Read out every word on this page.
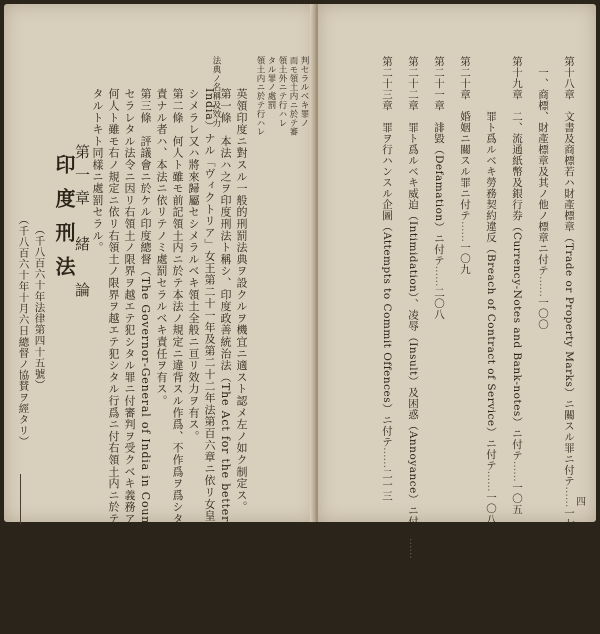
法典ノ名稱及效力	領土内ニ於テ行ハレ タル罪ノ處罰 領土外ニテ行ハレ 而モ領土内ニ於テ審 判セラルベキ罪ノ
英領印度ニ對スル一般的刑罰法典ヲ設クルヲ機宜ニ適スト認メ左ノ如ク制定ス。
第一條　本法ハ之ヲ印度刑法ト稱シ、印度政善統治法（The Act for the better Government of
India）ナル「ヴィクトリア」女王第二十一年及第二十二年法第百六章ニ依リ女皇陛下ニ歸屬セ
シメラレ又ハ將來歸屬セシメラルベキ領土全般ニ亘リ效力ヲ有ス。
第二條　何人ト雖モ前記領土内ニ於テ本法ノ規定ニ違背スル作爲、不作爲ヲ爲シタル場合ニ於テハ
責ナル者ハ、本法ニ依リテノミ處罰セラルベキ責任ヲ有ス。
第三條　評議會ニ於ケル印度總督（The Governor-General of India in Council）ニ依リ發布施行
セラレタル法令ニ因リ右領土ノ限界ヲ越エテ犯シタル罪ニ付審判ヲ受クベキ義務アル者ハ、
何人ト雖モ右ノ規定ニ依リ右領土ノ限界ヲ越エテ犯シタル行爲ニ付右領土内ニ於テ犯シ
タルトキト同樣ニ處罰セラル。
印度刑法
（千八百六十年法律第四十五號）
（千八百六十年十月六日總督ノ協賛ヲ經タリ）	第一章　緒　論	第十八章　文書及商標若ハ財產標章（Trade or Property Marks）ニ關スル罪ニ付テ……一七〇
　一、商標、財產標章及其ノ他ノ標章ニ付テ……一〇〇
第十九章　二、流通紙幣及銀行券（Currency-Notes and Bank-notes）ニ付テ……一〇五
　　　　　罪ト爲ルベキ勞務契約違反（Breach of Contract of Service）ニ付テ……一〇八
第二十章　婚姻ニ關スル罪ニ付テ……一〇九
第二十一章　誹毀（Defamation）ニ付テ……二〇八
第二十二章　罪ト爲ルベキ威迫（Intimidation）、凌辱（Insult）及困惑（Annoyance）ニ付テ……二一一
第二十三章　罪ヲ行ハンスル企圖（Attempts to Commit Offences）ニ付テ……二一三
四
